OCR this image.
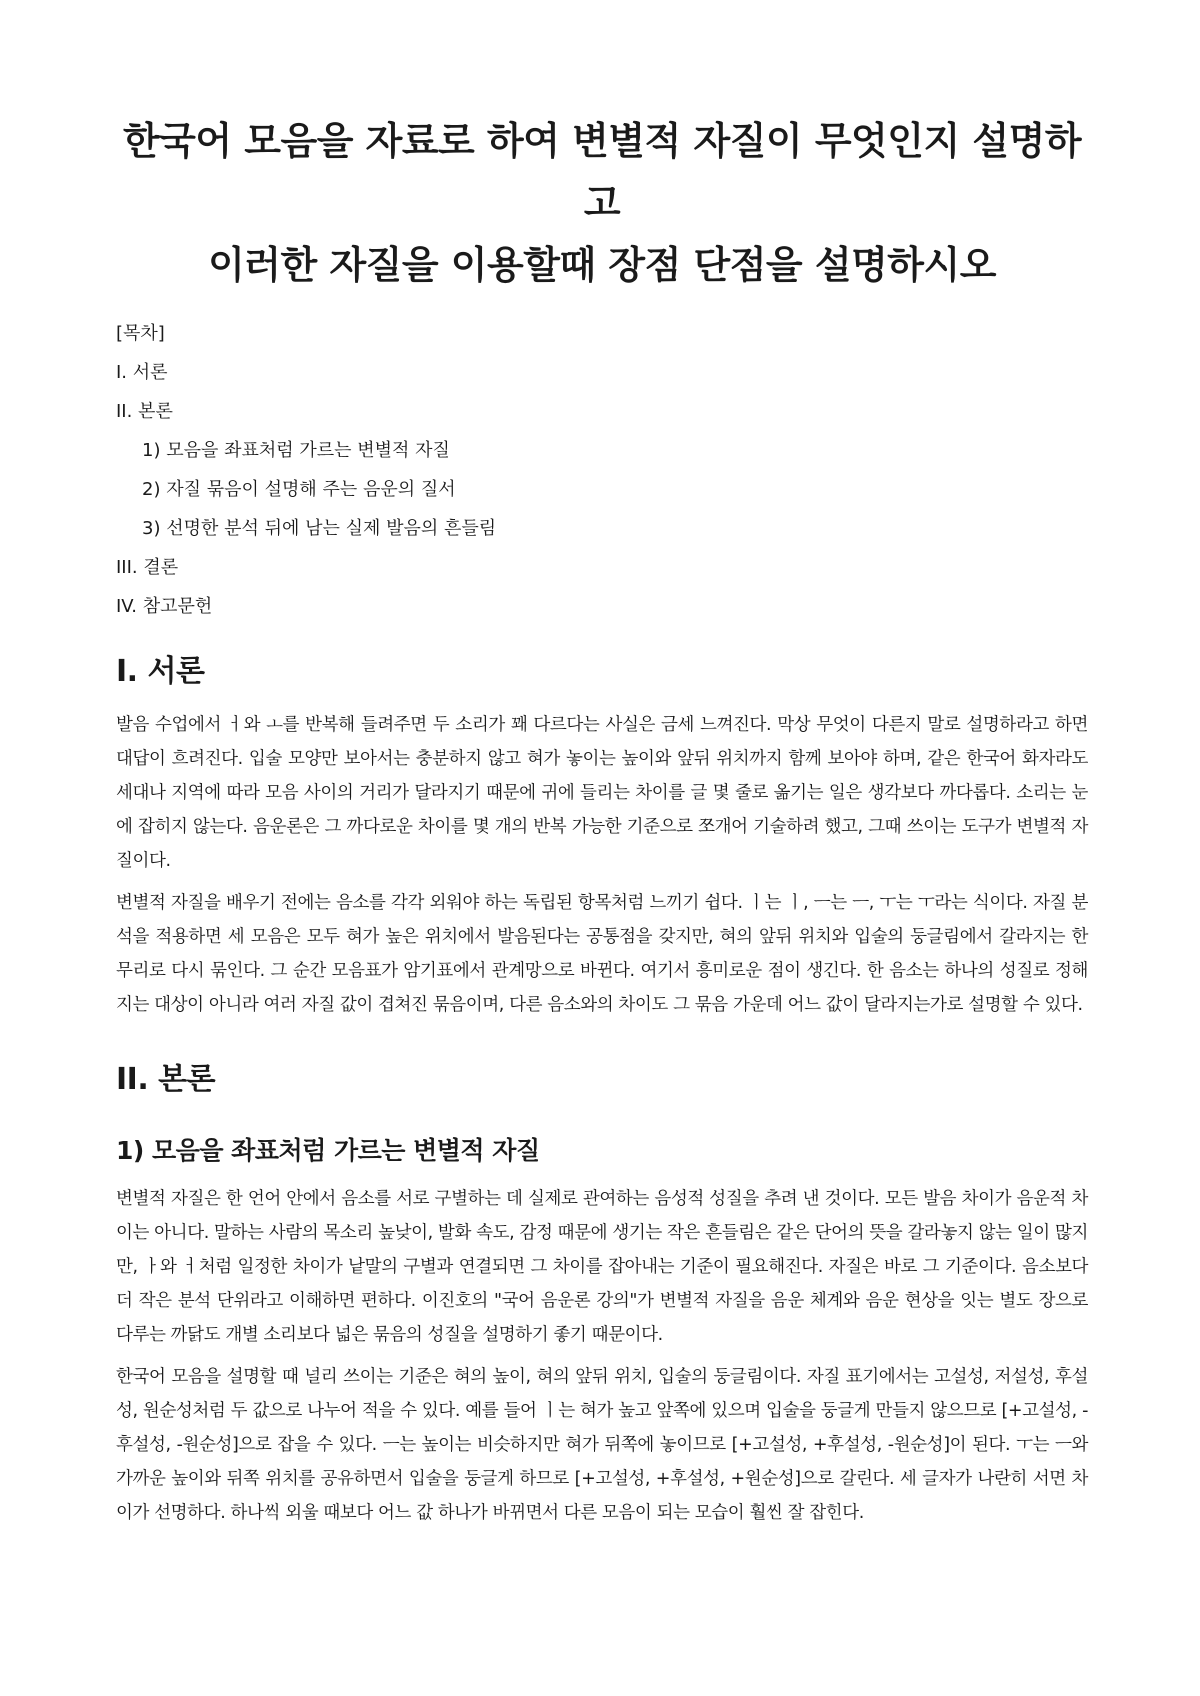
한국어 모음을 자료로 하여 변별적 자질이 무엇인지 설명하고
이러한 자질을 이용할때 장점 단점을 설명하시오
[목차]
I. 서론
II. 본론
1) 모음을 좌표처럼 가르는 변별적 자질
2) 자질 묶음이 설명해 주는 음운의 질서
3) 선명한 분석 뒤에 남는 실제 발음의 흔들림
III. 결론
IV. 참고문헌
I. 서론

발음 수업에서 ㅓ와 ㅗ를 반복해 들려주면 두 소리가 꽤 다르다는 사실은 금세 느껴진다. 막상 무엇이 다른지 말로 설명하라고 하면 대답이 흐려진다. 입술 모양만 보아서는 충분하지 않고 혀가 놓이는 높이와 앞뒤 위치까지 함께 보아야 하며, 같은 한국어 화자라도 세대나 지역에 따라 모음 사이의 거리가 달라지기 때문에 귀에 들리는 차이를 글 몇 줄로 옮기는 일은 생각보다 까다롭다. 소리는 눈에 잡히지 않는다. 음운론은 그 까다로운 차이를 몇 개의 반복 가능한 기준으로 쪼개어 기술하려 했고, 그때 쓰이는 도구가 변별적 자질이다.

변별적 자질을 배우기 전에는 음소를 각각 외워야 하는 독립된 항목처럼 느끼기 쉽다. ㅣ는 ㅣ, ㅡ는 ㅡ, ㅜ는 ㅜ라는 식이다. 자질 분석을 적용하면 세 모음은 모두 혀가 높은 위치에서 발음된다는 공통점을 갖지만, 혀의 앞뒤 위치와 입술의 둥글림에서 갈라지는 한 무리로 다시 묶인다. 그 순간 모음표가 암기표에서 관계망으로 바뀐다. 여기서 흥미로운 점이 생긴다. 한 음소는 하나의 성질로 정해지는 대상이 아니라 여러 자질 값이 겹쳐진 묶음이며, 다른 음소와의 차이도 그 묶음 가운데 어느 값이 달라지는가로 설명할 수 있다.

II. 본론
1) 모음을 좌표처럼 가르는 변별적 자질

변별적 자질은 한 언어 안에서 음소를 서로 구별하는 데 실제로 관여하는 음성적 성질을 추려 낸 것이다. 모든 발음 차이가 음운적 차이는 아니다. 말하는 사람의 목소리 높낮이, 발화 속도, 감정 때문에 생기는 작은 흔들림은 같은 단어의 뜻을 갈라놓지 않는 일이 많지만, ㅏ와 ㅓ처럼 일정한 차이가 낱말의 구별과 연결되면 그 차이를 잡아내는 기준이 필요해진다. 자질은 바로 그 기준이다. 음소보다 더 작은 분석 단위라고 이해하면 편하다. 이진호의 "국어 음운론 강의"가 변별적 자질을 음운 체계와 음운 현상을 잇는 별도 장으로 다루는 까닭도 개별 소리보다 넓은 묶음의 성질을 설명하기 좋기 때문이다.

한국어 모음을 설명할 때 널리 쓰이는 기준은 혀의 높이, 혀의 앞뒤 위치, 입술의 둥글림이다. 자질 표기에서는 고설성, 저설성, 후설성, 원순성처럼 두 값으로 나누어 적을 수 있다. 예를 들어 ㅣ는 혀가 높고 앞쪽에 있으며 입술을 둥글게 만들지 않으므로 [+고설성, -후설성, -원순성]으로 잡을 수 있다. ㅡ는 높이는 비슷하지만 혀가 뒤쪽에 놓이므로 [+고설성, +후설성, -원순성]이 된다. ㅜ는 ㅡ와 가까운 높이와 뒤쪽 위치를 공유하면서 입술을 둥글게 하므로 [+고설성, +후설성, +원순성]으로 갈린다. 세 글자가 나란히 서면 차이가 선명하다. 하나씩 외울 때보다 어느 값 하나가 바뀌면서 다른 모음이 되는 모습이 훨씬 잘 잡힌다.
